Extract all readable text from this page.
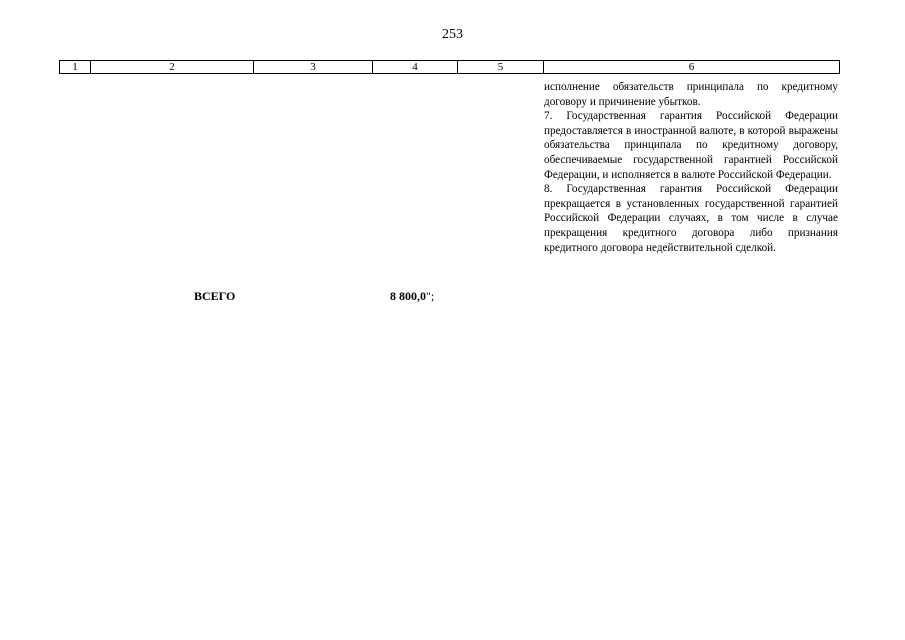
253
1	2	3	4	5	6

исполнение обязательств принципала по кредитному договору и причинение убытков.

7. Государственная гарантия Российской Федерации предоставляется в иностранной валюте, в которой выражены обязательства принципала по кредитному договору, обеспечиваемые государственной гарантией Российской Федерации, и исполняется в валюте Российской Федерации.

8. Государственная гарантия Российской Федерации прекращается в установленных государственной гарантией Российской Федерации случаях, в том числе в случае прекращения кредитного договора либо признания кредитного договора недействительной сделкой.

ВСЕГО	8 800,0";
